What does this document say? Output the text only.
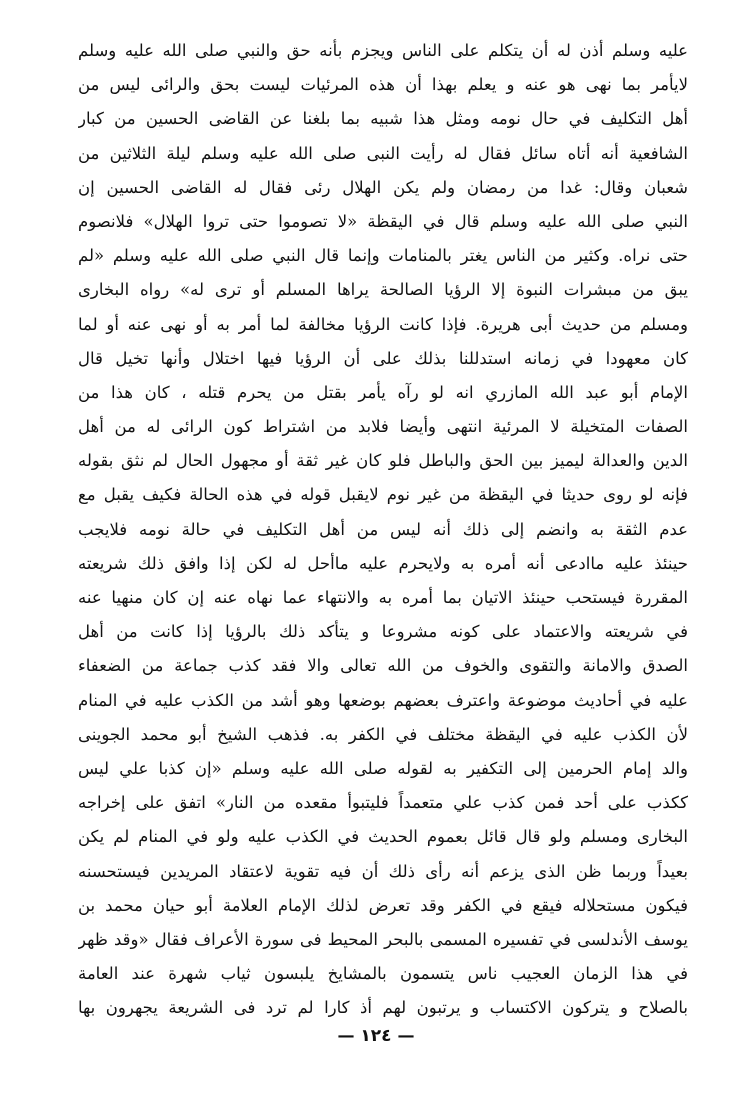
عليه وسلم أذن له أن يتكلم على الناس ويجزم بأنه حق والنبي صلى الله عليه وسلم
لايأمر بما نهى هو عنه و يعلم بهذا أن هذه المرئيات ليست بحق والرائى ليس من
أهل التكليف في حال نومه ومثل هذا شبيه بما بلغنا عن القاضى الحسين من كبار
الشافعية أنه أتاه سائل فقال له رأيت النبى صلى الله عليه وسلم ليلة الثلاثين من
شعبان وقال: غدا من رمضان ولم يكن الهلال رئى فقال له القاضى الحسين إن
النبي صلى الله عليه وسلم قال في اليقظة «لا تصوموا حتى تروا الهلال» فلانصوم
حتى نراه. وكثير من الناس يغتر بالمنامات وإنما قال النبي صلى الله عليه وسلم «لم
يبق من مبشرات النبوة إلا الرؤيا الصالحة يراها المسلم أو ترى له» رواه البخارى
ومسلم من حديث أبى هريرة. فإذا كانت الرؤيا مخالفة لما أمر به أو نهى عنه أو لما
كان معهودا في زمانه استدللنا بذلك على أن الرؤيا فيها اختلال وأنها تخيل قال
الإمام أبو عبد الله المازري انه لو رآه يأمر بقتل من يحرم قتله ، كان هذا من
الصفات المتخيلة لا المرئية انتهى وأيضا فلابد من اشتراط كون الرائى له من أهل
الدين والعدالة ليميز بين الحق والباطل فلو كان غير ثقة أو مجهول الحال لم نثق بقوله
فإنه لو روى حديثا في اليقظة من غير نوم لايقبل قوله في هذه الحالة فكيف يقبل مع
عدم الثقة به وانضم إلى ذلك أنه ليس من أهل التكليف في حالة نومه فلايجب
حينئذ عليه ماادعى أنه أمره به ولايحرم عليه ماأحل له لكن إذا وافق ذلك شريعته
المقررة فيستحب حينئذ الاتيان بما أمره به والانتهاء عما نهاه عنه إن كان منهيا عنه
في شريعته والاعتماد على كونه مشروعا و يتأكد ذلك بالرؤيا إذا كانت من أهل
الصدق والامانة والتقوى والخوف من الله تعالى والا فقد كذب جماعة من الضعفاء
عليه في أحاديث موضوعة واعترف بعضهم بوضعها وهو أشد من الكذب عليه في المنام
لأن الكذب عليه في اليقظة مختلف في الكفر به. فذهب الشيخ أبو محمد الجوينى
والد إمام الحرمين إلى التكفير به لقوله صلى الله عليه وسلم «إن كذبا علي ليس
ككذب على أحد فمن كذب علي متعمداً فليتبوأ مقعده من النار» اتفق على إخراجه
البخارى ومسلم ولو قال قائل بعموم الحديث في الكذب عليه ولو في المنام لم يكن
بعيداً وربما ظن الذى يزعم أنه رأى ذلك أن فيه تقوية لاعتقاد المريدين فيستحسنه
فيكون مستحلاله فيقع في الكفر وقد تعرض لذلك الإمام العلامة أبو حيان محمد بن
يوسف الأندلسى في تفسيره المسمى بالبحر المحيط فى سورة الأعراف فقال «وقد ظهر
في هذا الزمان العجيب ناس يتسمون بالمشايخ يلبسون ثياب شهرة عند العامة
بالصلاح و يتركون الاكتساب و يرتبون لهم أذ كارا لم ترد فى الشريعة يجهرون بها
— ١٢٤ —
